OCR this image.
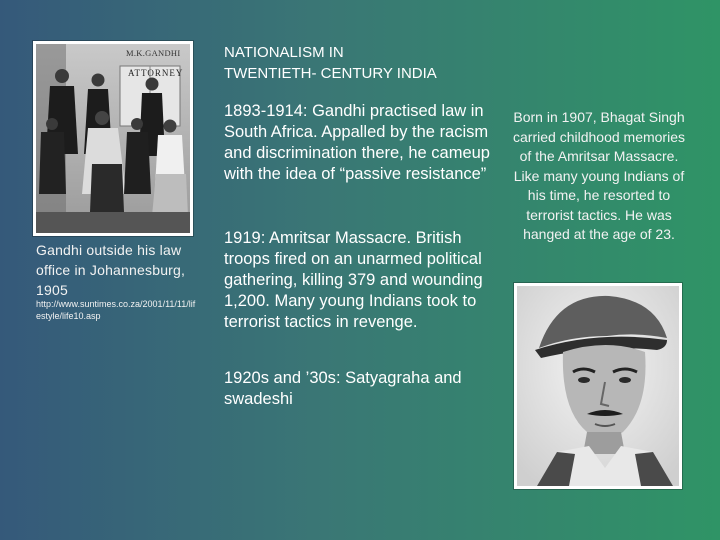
NATIONALISM IN
TWENTIETH- CENTURY INDIA
M.K.GANDHI
ATTORNEY
Gandhi outside his law office in Johannesburg, 1905
http://www.suntimes.co.za/2001/11/11/lifestyle/life10.asp
1893-1914: Gandhi practised law in South Africa. Appalled by the racism and discrimination there, he cameup with the idea of “passive resistance”
1919: Amritsar Massacre. British troops fired on an unarmed political gathering, killing 379 and wounding 1,200. Many young Indians took to terrorist tactics in revenge.
1920s and ’30s: Satyagraha and swadeshi
Born in 1907, Bhagat Singh carried childhood memories of the Amritsar Massacre. Like many young Indians of his time, he resorted to terrorist tactics. He was hanged at the age of 23.
